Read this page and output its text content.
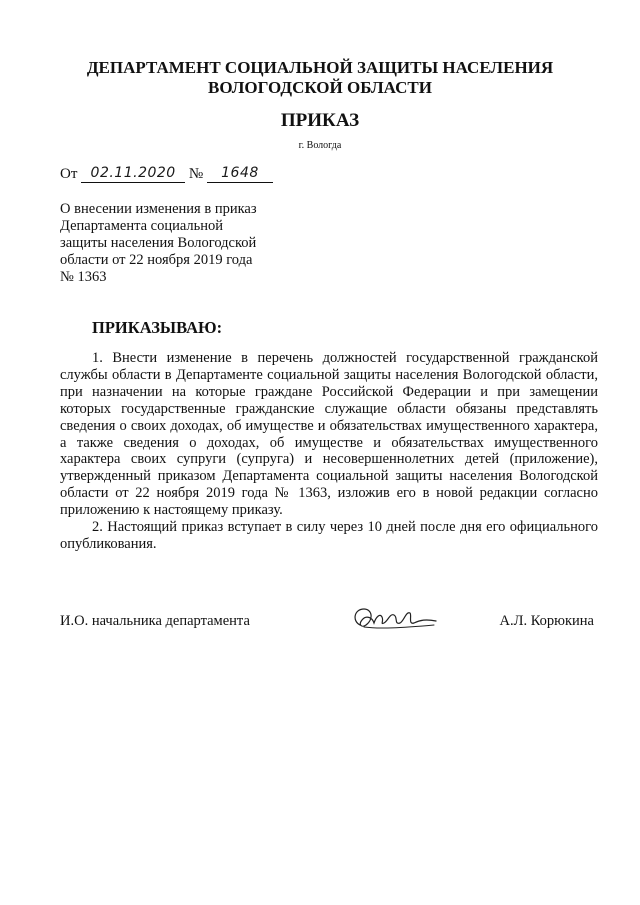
ДЕПАРТАМЕНТ СОЦИАЛЬНОЙ ЗАЩИТЫ НАСЕЛЕНИЯ
ВОЛОГОДСКОЙ ОБЛАСТИ
ПРИКАЗ
г. Вологда
От 02.11.2020 № 1648
О внесении изменения в приказ
Департамента социальной
защиты населения Вологодской
области от 22 ноября 2019 года
№ 1363
ПРИКАЗЫВАЮ:

1. Внести изменение в перечень должностей государственной гражданской службы области в Департаменте социальной защиты населения Вологодской области, при назначении на которые граждане Российской Федерации и при замещении которых государственные гражданские служащие области обязаны представлять сведения о своих доходах, об имуществе и обязательствах имущественного характера, а также сведения о доходах, об имуществе и обязательствах имущественного характера своих супруги (супруга) и несовершеннолетних детей (приложение), утвержденный приказом Департамента социальной защиты населения Вологодской области от 22 ноября 2019 года № 1363, изложив его в новой редакции согласно приложению к настоящему приказу.

2. Настоящий приказ вступает в силу через 10 дней после дня его официального опубликования.

И.О. начальника департамента	А.Л. Корюкина
